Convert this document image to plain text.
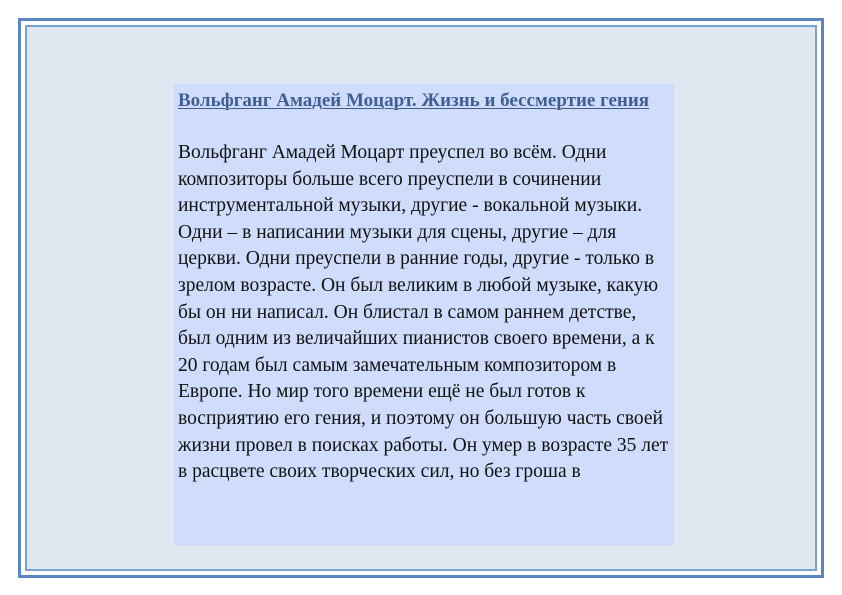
Вольфганг Амадей Моцарт. Жизнь и бессмертие гения

Вольфганг Амадей Моцарт преуспел во всём. Одни композиторы больше всего преуспели в сочинении инструментальной музыки, другие - вокальной музыки. Одни – в написании музыки для сцены, другие – для церкви. Одни преуспели в ранние годы, другие - только в зрелом возрасте. Он был великим в любой музыке, какую бы он ни написал. Он блистал в самом раннем детстве, был одним из величайших пианистов своего времени, а к 20 годам был самым замечательным композитором в Европе. Но мир того времени ещё не был готов к восприятию его гения, и поэтому он большую часть своей жизни провел в поисках работы. Он умер в возрасте 35 лет в расцвете своих творческих сил, но без гроша в
